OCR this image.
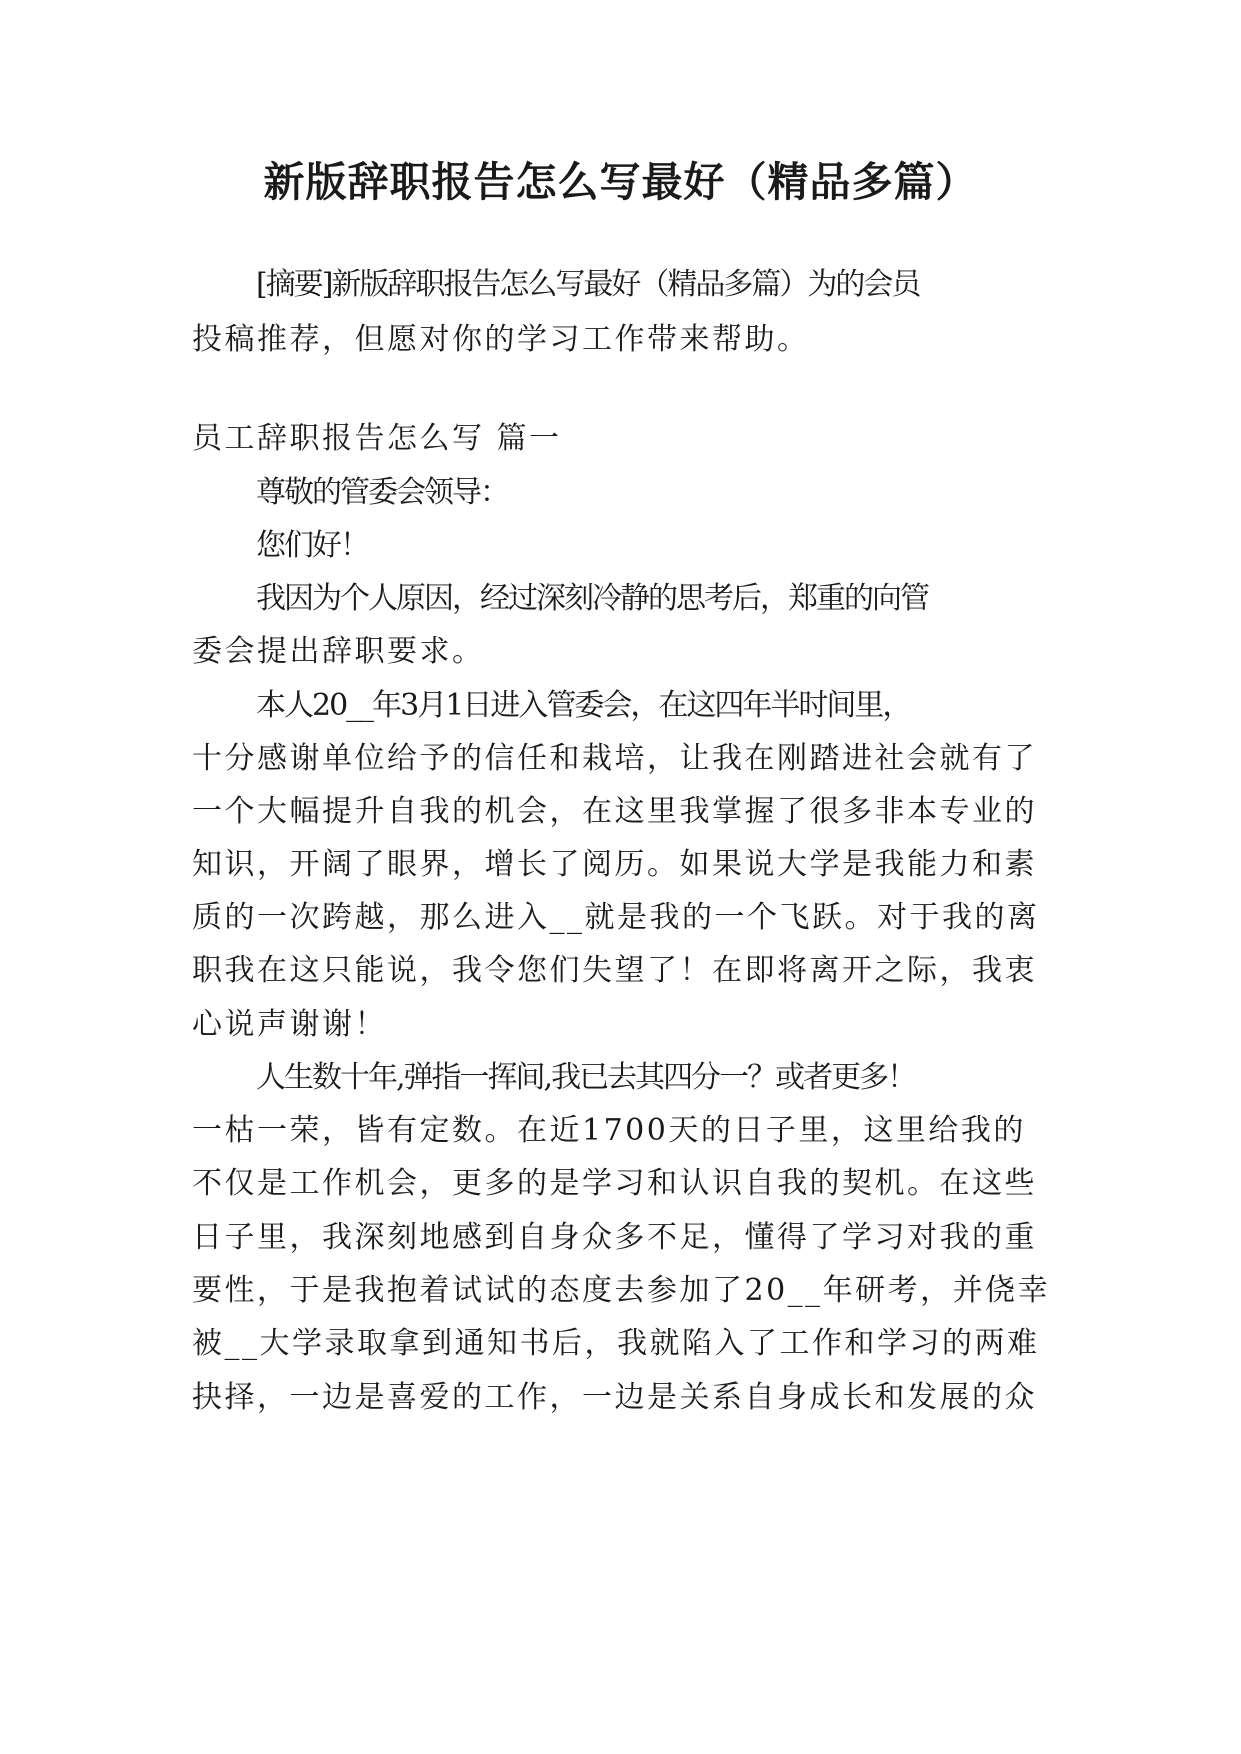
新版辞职报告怎么写最好（精品多篇）

[摘要]新版辞职报告怎么写最好（精品多篇）为的会员

投稿推荐，但愿对你的学习工作带来帮助。

员工辞职报告怎么写 篇一

尊敬的管委会领导：

您们好！

我因为个人原因，经过深刻冷静的思考后，郑重的向管

委会提出辞职要求。

本人20__年3月1日进入管委会，在这四年半时间里，

十分感谢单位给予的信任和栽培，让我在刚踏进社会就有了

一个大幅提升自我的机会，在这里我掌握了很多非本专业的

知识，开阔了眼界，增长了阅历。如果说大学是我能力和素

质的一次跨越，那么进入__就是我的一个飞跃。对于我的离

职我在这只能说，我令您们失望了！在即将离开之际，我衷

心说声谢谢！

人生数十年,弹指一挥间,我已去其四分一？或者更多！

一枯一荣，皆有定数。在近1700天的日子里，这里给我的

不仅是工作机会，更多的是学习和认识自我的契机。在这些

日子里，我深刻地感到自身众多不足，懂得了学习对我的重

要性，于是我抱着试试的态度去参加了20__年研考，并侥幸

被__大学录取拿到通知书后，我就陷入了工作和学习的两难

抉择，一边是喜爱的工作，一边是关系自身成长和发展的众
